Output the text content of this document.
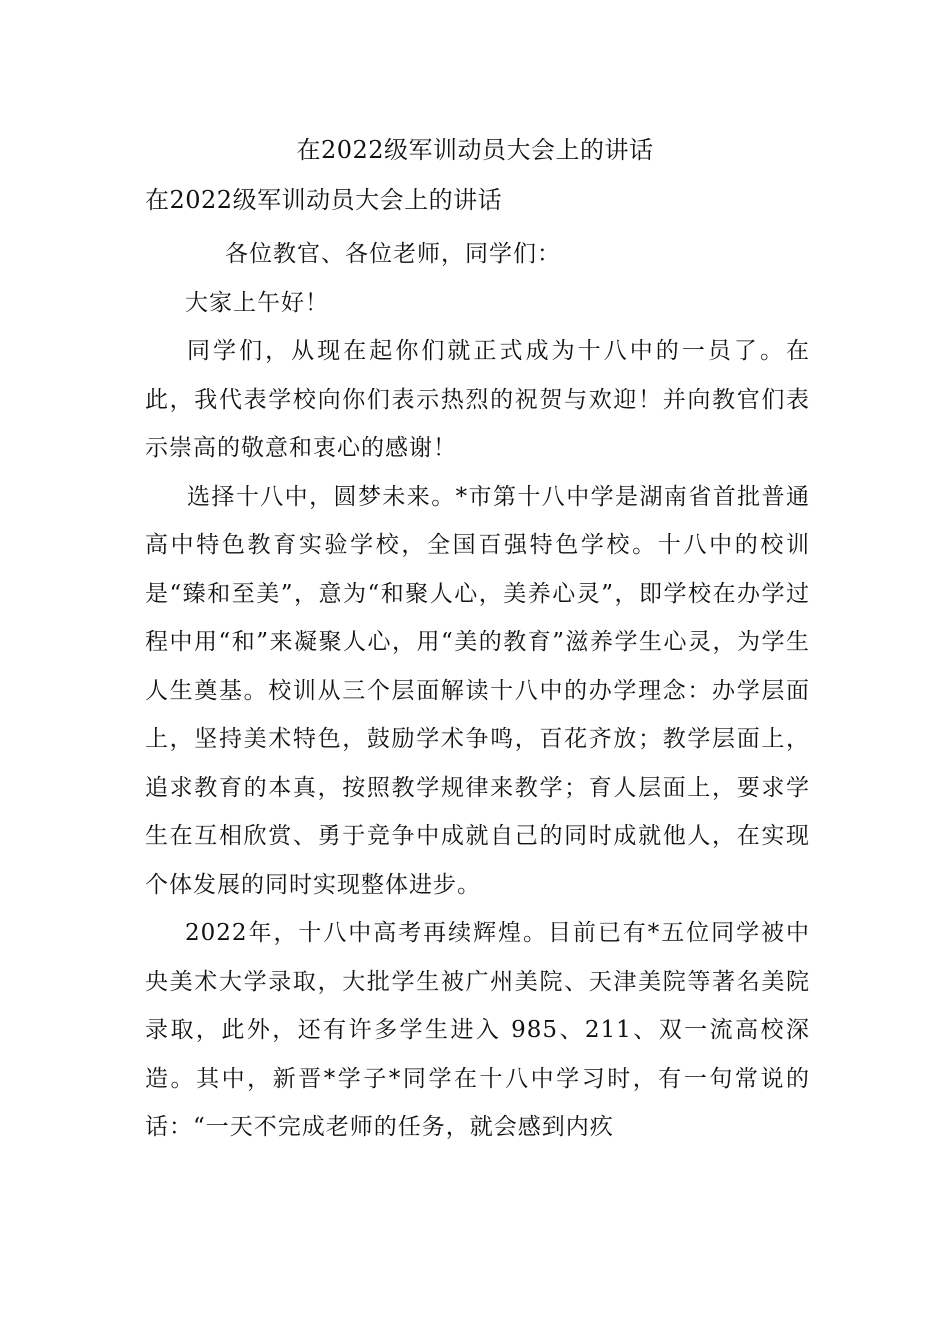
在2022级军训动员大会上的讲话
在2022级军训动员大会上的讲话

各位教官、各位老师，同学们：

大家上午好！

同学们，从现在起你们就正式成为十八中的一员了。在此，我代表学校向你们表示热烈的祝贺与欢迎！并向教官们表示崇高的敬意和衷心的感谢！

选择十八中，圆梦未来。*市第十八中学是湖南省首批普通高中特色教育实验学校，全国百强特色学校。十八中的校训是“臻和至美”，意为“和聚人心，美养心灵”，即学校在办学过程中用“和”来凝聚人心，用“美的教育”滋养学生心灵，为学生人生奠基。校训从三个层面解读十八中的办学理念：办学层面上，坚持美术特色，鼓励学术争鸣，百花齐放；教学层面上，追求教育的本真，按照教学规律来教学；育人层面上，要求学生在互相欣赏、勇于竞争中成就自己的同时成就他人，在实现个体发展的同时实现整体进步。

2022年，十八中高考再续辉煌。目前已有*五位同学被中央美术大学录取，大批学生被广州美院、天津美院等著名美院录取，此外，还有许多学生进入 985、211、双一流高校深造。其中，新晋*学子*同学在十八中学习时，有一句常说的话：“一天不完成老师的任务，就会感到内疚
